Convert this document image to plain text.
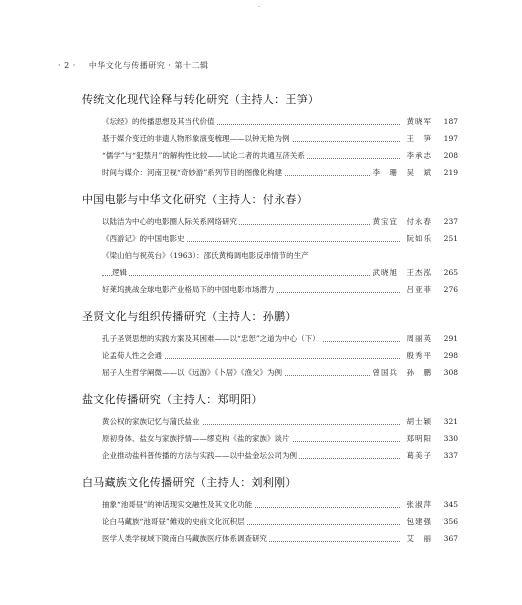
·
· 2 · 中华文化与传播研究 · 第十二辑
传统文化现代诠释与转化研究（主持人：王笋）
《坛经》的传播思想及其当代价值	黄晓军	187
基于媒介变迁的非遗人物形象演变梳理——以钟无艳为例	王　笋	197
“儒学”与“犯禁月”的解构性比较——试论二者的共通互济关系	李承志	208
时间与媒介：河南卫视“奇妙游”系列节目的图像化构建	李　珊　吴　斌	219
中国电影与中华文化研究（主持人：付永春）
以陆洁为中心的电影圈人际关系网络研究	黄宝宜　付永春	237
《西游记》的中国电影史	阮如乐	251
《梁山伯与祝英台》（1963）：邵氏黄梅调电影反串情节的生产
逻辑	武晓旭　王杰泓	265
好莱坞挑战全球电影产业格局下的中国电影市场潜力	吕亚菲	276
圣贤文化与组织传播研究（主持人：孙鹏）
孔子圣贤思想的实践方案及其困难——以“忠恕”之道为中心（下）	周丽英	291
论孟荀人性之会通	殷秀平	298
屈子人生哲学阐微——以《远游》《卜居》《渔父》为例	曾国兵　孙　鹏	308
盐文化传播研究（主持人：郑明阳）
黄公权的家族记忆与蒲氏盐业	胡士颖	321
原初身体、盐女与家族抒情——缪克构《盐的家族》谈片	郑明阳	330
企业推动盐科普传播的方法与实践——以中盐金坛公司为例	葛美子	337
白马藏族文化传播研究（主持人：刘利刚）
抽象“池哥昼”的神话现实交融性及其文化功能	张淑萍	345
论白马藏族“池哥昼”傩戏的史前文化沉积层	包建强	356
医学人类学视域下陇南白马藏族医疗体系调查研究	艾　丽	367
